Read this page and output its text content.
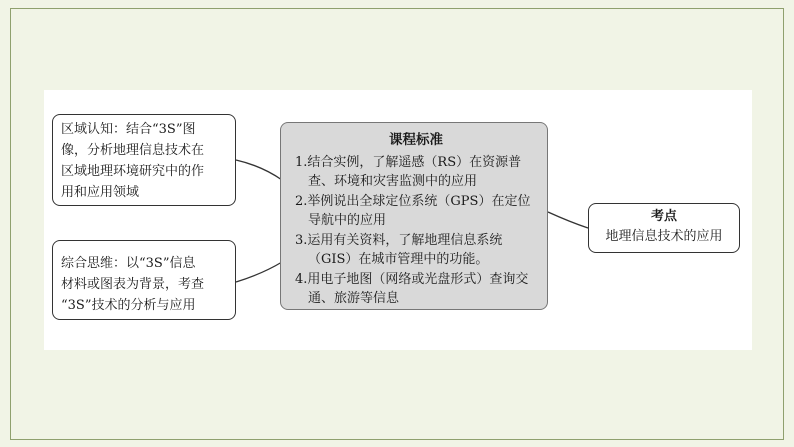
区域认知：结合“3S”图
像，分析地理信息技术在
区域地理环境研究中的作
用和应用领域
综合思维：以“3S”信息
材料或图表为背景，考查
“3S”技术的分析与应用
课程标准
1.结合实例，了解遥感（RS）在资源普查、环境和灾害监测中的应用
2.举例说出全球定位系统（GPS）在定位导航中的应用
3.运用有关资料，了解地理信息系统（GIS）在城市管理中的功能。
4.用电子地图（网络或光盘形式）查询交通、旅游等信息
考点
地理信息技术的应用
